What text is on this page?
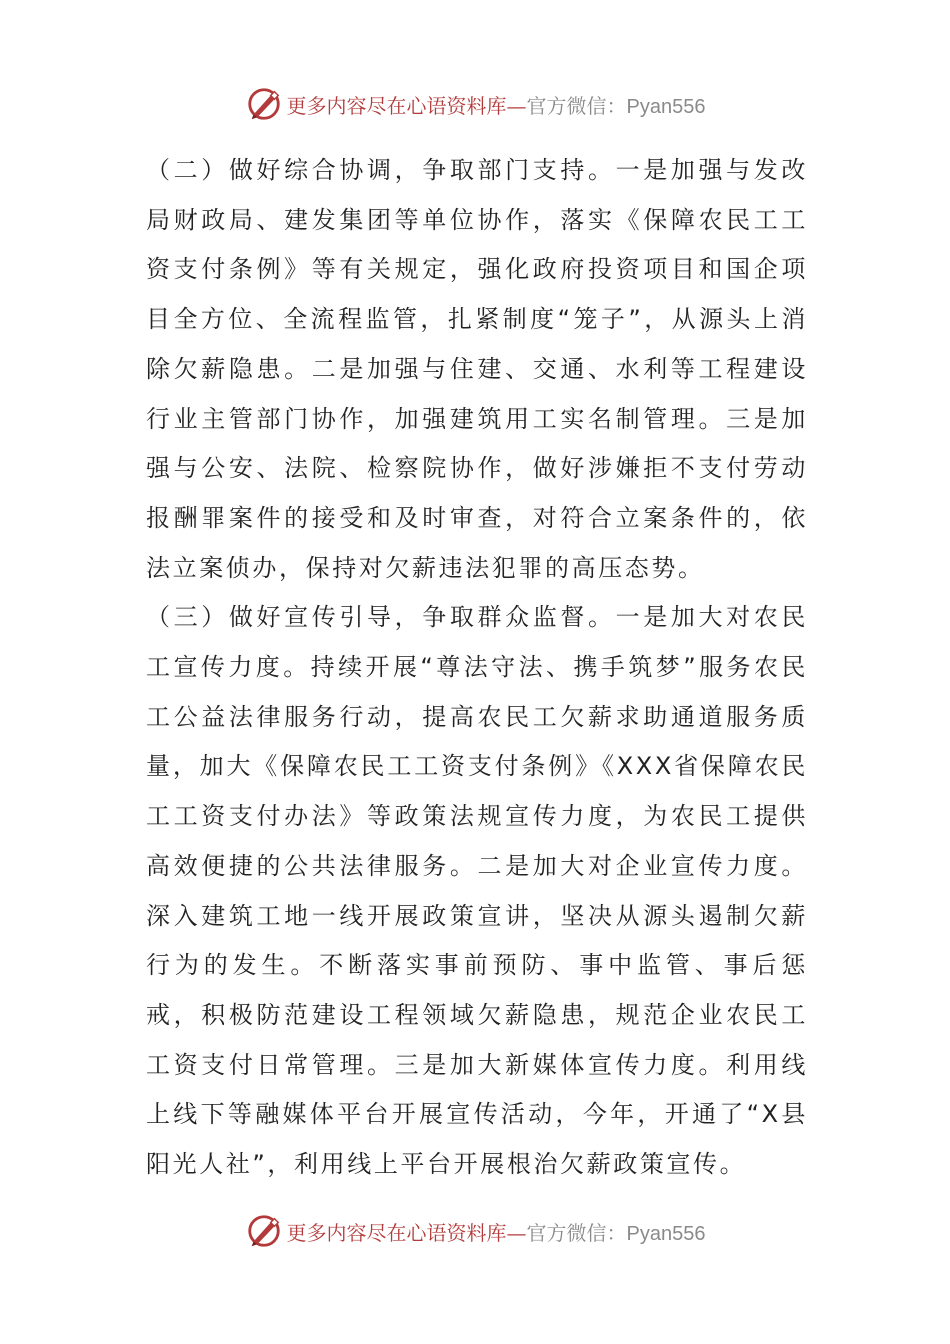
更多内容尽在心语资料库—官方微信：Pyan556

（二）做好综合协调，争取部门支持。一是加强与发改局财政局、建发集团等单位协作，落实《保障农民工工资支付条例》等有关规定，强化政府投资项目和国企项目全方位、全流程监管，扎紧制度“笼子”，从源头上消除欠薪隐患。二是加强与住建、交通、水利等工程建设行业主管部门协作，加强建筑用工实名制管理。三是加强与公安、法院、检察院协作，做好涉嫌拒不支付劳动报酬罪案件的接受和及时审查，对符合立案条件的，依法立案侦办，保持对欠薪违法犯罪的高压态势。

（三）做好宣传引导，争取群众监督。一是加大对农民工宣传力度。持续开展“尊法守法、携手筑梦”服务农民工公益法律服务行动，提高农民工欠薪求助通道服务质量，加大《保障农民工工资支付条例》《XXX省保障农民工工资支付办法》等政策法规宣传力度，为农民工提供高效便捷的公共法律服务。二是加大对企业宣传力度。深入建筑工地一线开展政策宣讲，坚决从源头遏制欠薪行为的发生。不断落实事前预防、事中监管、事后惩戒，积极防范建设工程领域欠薪隐患，规范企业农民工工资支付日常管理。三是加大新媒体宣传力度。利用线上线下等融媒体平台开展宣传活动，今年，开通了“X县阳光人社”，利用线上平台开展根治欠薪政策宣传。

更多内容尽在心语资料库—官方微信：Pyan556
